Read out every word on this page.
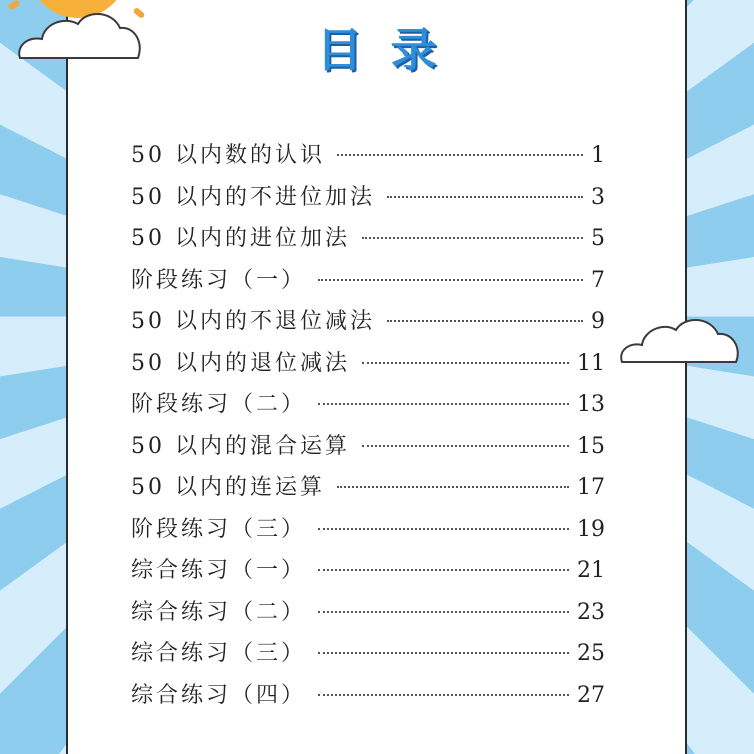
目录
50 以内数的认识	1
50 以内的不进位加法	3
50 以内的进位加法	5
阶段练习（一）	7
50 以内的不退位减法	9
50 以内的退位减法	11
阶段练习（二）	13
50 以内的混合运算	15
50 以内的连运算	17
阶段练习（三）	19
综合练习（一）	21
综合练习（二）	23
综合练习（三）	25
综合练习（四）	27
